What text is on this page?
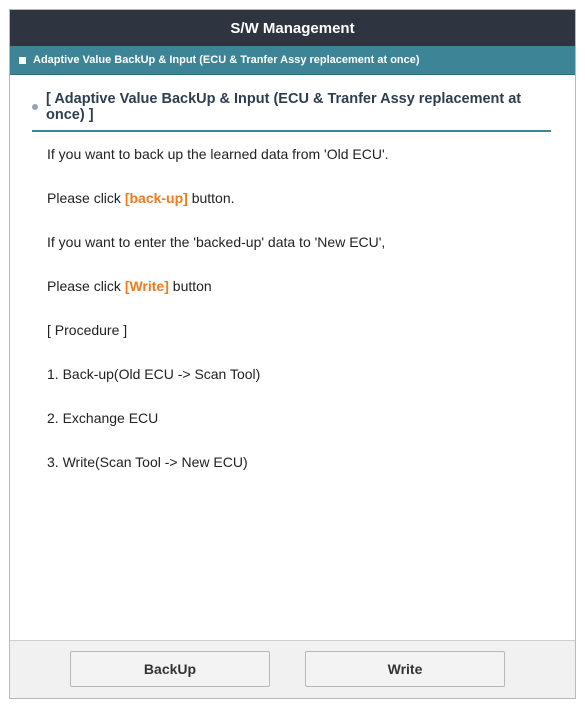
S/W Management
Adaptive Value BackUp & Input (ECU & Tranfer Assy replacement at once)
[ Adaptive Value BackUp & Input (ECU & Tranfer Assy replacement at once) ]
If you want to back up the learned data from 'Old ECU'.
Please click [back-up] button.
If you want to enter the 'backed-up' data to 'New ECU',
Please click [Write] button
[ Procedure ]
1. Back-up(Old ECU -> Scan Tool)
2. Exchange ECU
3. Write(Scan Tool -> New ECU)
BackUp	Write
